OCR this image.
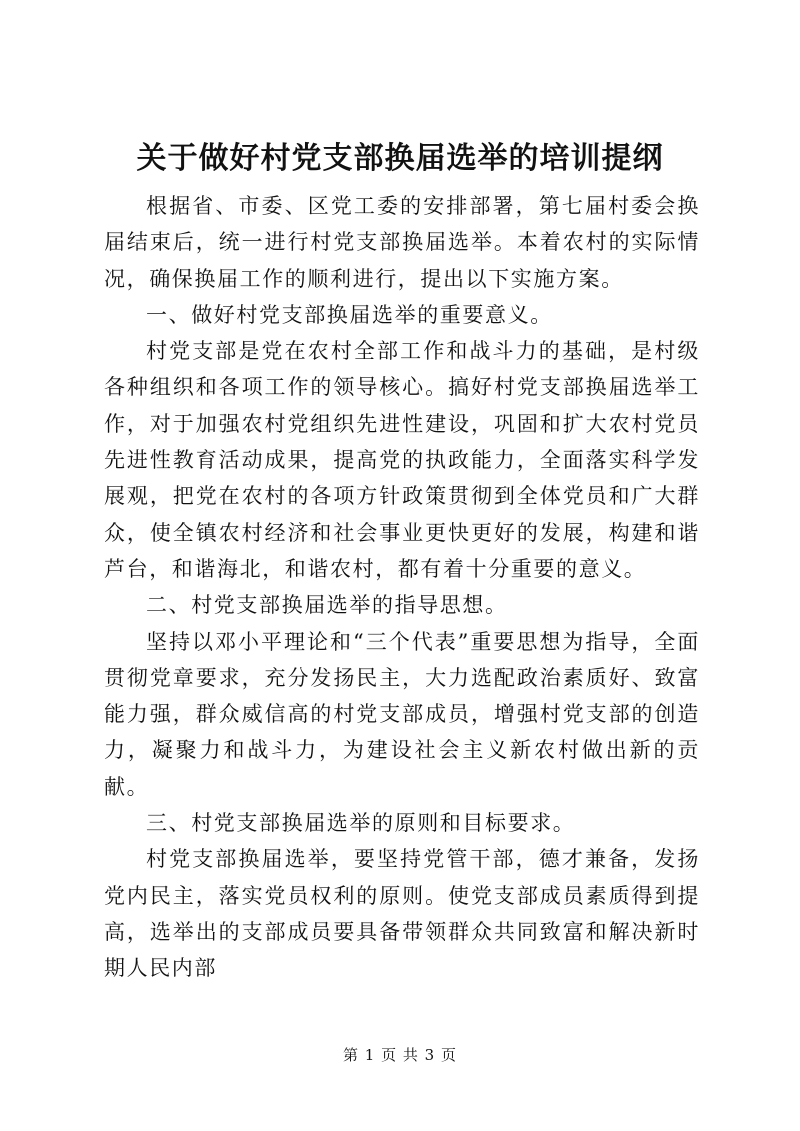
关于做好村党支部换届选举的培训提纲

根据省、市委、区党工委的安排部署，第七届村委会换届结束后，统一进行村党支部换届选举。本着农村的实际情况，确保换届工作的顺利进行，提出以下实施方案。

一、做好村党支部换届选举的重要意义。

村党支部是党在农村全部工作和战斗力的基础，是村级各种组织和各项工作的领导核心。搞好村党支部换届选举工作，对于加强农村党组织先进性建设，巩固和扩大农村党员先进性教育活动成果，提高党的执政能力，全面落实科学发展观，把党在农村的各项方针政策贯彻到全体党员和广大群众，使全镇农村经济和社会事业更快更好的发展，构建和谐芦台，和谐海北，和谐农村，都有着十分重要的意义。

二、村党支部换届选举的指导思想。

坚持以邓小平理论和“三个代表”重要思想为指导，全面贯彻党章要求，充分发扬民主，大力选配政治素质好、致富能力强，群众威信高的村党支部成员，增强村党支部的创造力，凝聚力和战斗力，为建设社会主义新农村做出新的贡献。

三、村党支部换届选举的原则和目标要求。

村党支部换届选举，要坚持党管干部，德才兼备，发扬党内民主，落实党员权利的原则。使党支部成员素质得到提高，选举出的支部成员要具备带领群众共同致富和解决新时期人民内部

第 1 页 共 3 页
